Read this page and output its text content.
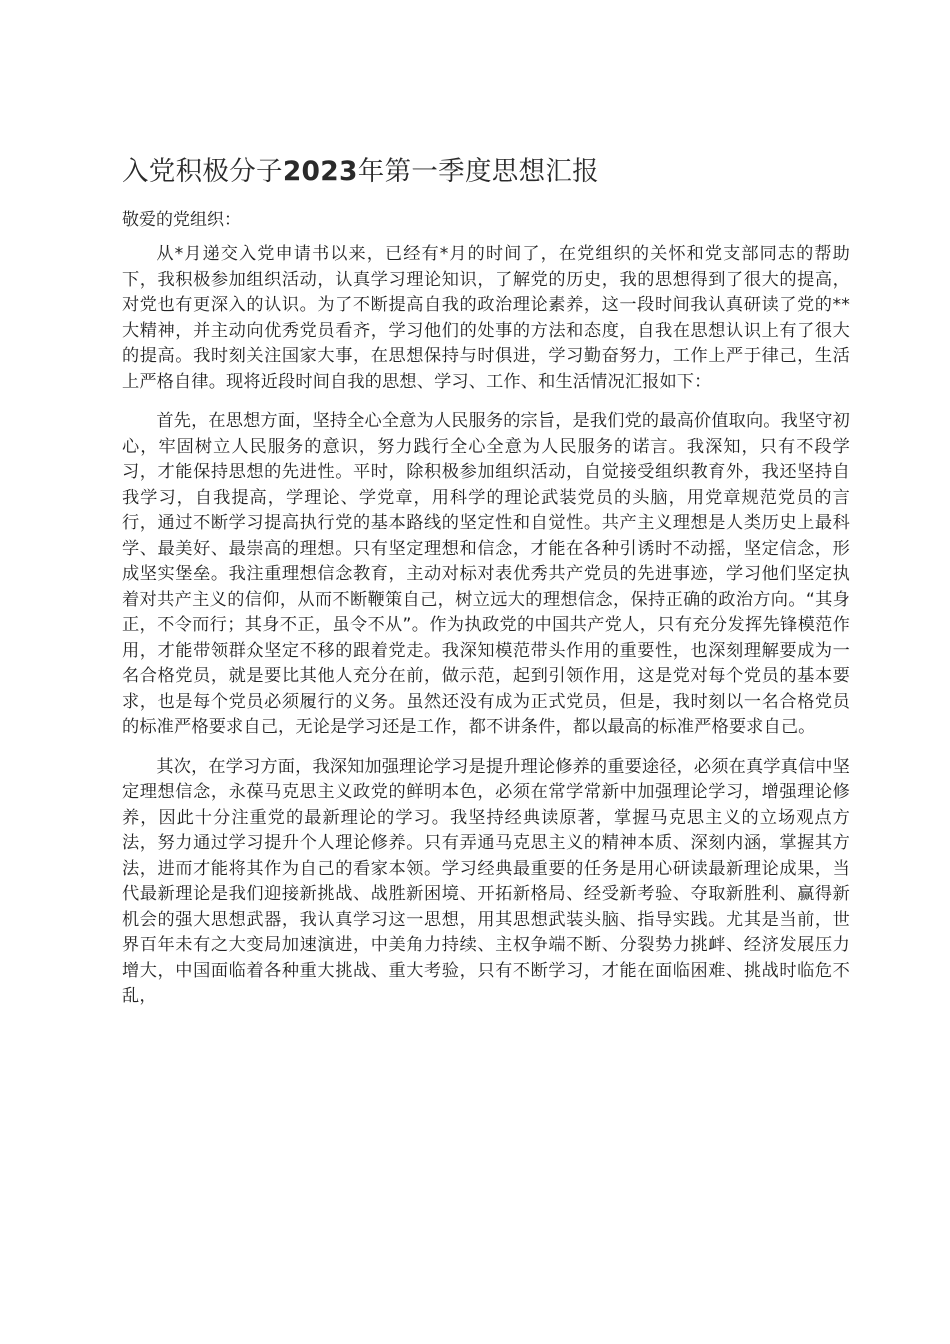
入党积极分子2023年第一季度思想汇报
敬爱的党组织：
从*月递交入党申请书以来，已经有*月的时间了，在党组织的关怀和党支部同志的帮助下，我积极参加组织活动，认真学习理论知识，了解党的历史，我的思想得到了很大的提高，对党也有更深入的认识。为了不断提高自我的政治理论素养，这一段时间我认真研读了党的**大精神，并主动向优秀党员看齐，学习他们的处事的方法和态度，自我在思想认识上有了很大的提高。我时刻关注国家大事，在思想保持与时俱进，学习勤奋努力，工作上严于律己，生活上严格自律。现将近段时间自我的思想、学习、工作、和生活情况汇报如下：
首先，在思想方面，坚持全心全意为人民服务的宗旨，是我们党的最高价值取向。我坚守初心，牢固树立人民服务的意识，努力践行全心全意为人民服务的诺言。我深知，只有不段学习，才能保持思想的先进性。平时，除积极参加组织活动，自觉接受组织教育外，我还坚持自我学习，自我提高，学理论、学党章，用科学的理论武装党员的头脑，用党章规范党员的言行，通过不断学习提高执行党的基本路线的坚定性和自觉性。共产主义理想是人类历史上最科学、最美好、最崇高的理想。只有坚定理想和信念，才能在各种引诱时不动摇，坚定信念，形成坚实堡垒。我注重理想信念教育，主动对标对表优秀共产党员的先进事迹，学习他们坚定执着对共产主义的信仰，从而不断鞭策自己，树立远大的理想信念，保持正确的政治方向。“其身正，不令而行；其身不正，虽令不从”。作为执政党的中国共产党人，只有充分发挥先锋模范作用，才能带领群众坚定不移的跟着党走。我深知模范带头作用的重要性，也深刻理解要成为一名合格党员，就是要比其他人充分在前，做示范，起到引领作用，这是党对每个党员的基本要求，也是每个党员必须履行的义务。虽然还没有成为正式党员，但是，我时刻以一名合格党员的标准严格要求自己，无论是学习还是工作，都不讲条件，都以最高的标准严格要求自己。
其次，在学习方面，我深知加强理论学习是提升理论修养的重要途径，必须在真学真信中坚定理想信念，永葆马克思主义政党的鲜明本色，必须在常学常新中加强理论学习，增强理论修养，因此十分注重党的最新理论的学习。我坚持经典读原著，掌握马克思主义的立场观点方法，努力通过学习提升个人理论修养。只有弄通马克思主义的精神本质、深刻内涵，掌握其方法，进而才能将其作为自己的看家本领。学习经典最重要的任务是用心研读最新理论成果，当代最新理论是我们迎接新挑战、战胜新困境、开拓新格局、经受新考验、夺取新胜利、赢得新机会的强大思想武器，我认真学习这一思想，用其思想武装头脑、指导实践。尤其是当前，世界百年未有之大变局加速演进，中美角力持续、主权争端不断、分裂势力挑衅、经济发展压力增大，中国面临着各种重大挑战、重大考验，只有不断学习，才能在面临困难、挑战时临危不乱，
